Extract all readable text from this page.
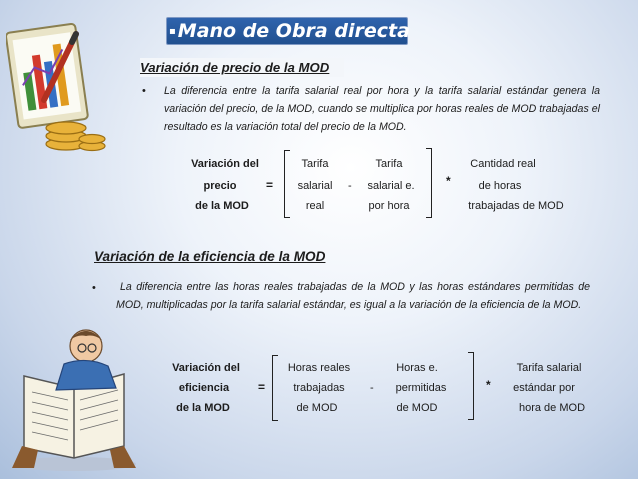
▪ Mano de Obra directa
Variación de precio de la MOD
• La diferencia entre la tarifa salarial real por hora y la tarifa salarial estándar genera la variación del precio, de la MOD, cuando se multiplica por horas reales de MOD trabajadas el resultado es la variación total del precio de la MOD.
Variación del
precio
de la MOD
=
Tarifa
salarial
real
-
Tarifa
salarial e.
por hora
*
Cantidad real
de horas
trabajadas de MOD
Variación de la eficiencia de la MOD
•	La diferencia entre las horas reales trabajadas de la MOD y las horas estándares permitidas de MOD, multiplicadas por la tarifa salarial estándar, es igual a la variación de la eficiencia de la MOD.
Variación del
eficiencia
de la MOD
=
Horas reales
trabajadas
de MOD
-
Horas e.
permitidas
de MOD
*
Tarifa salarial
estándar por
hora de MOD
